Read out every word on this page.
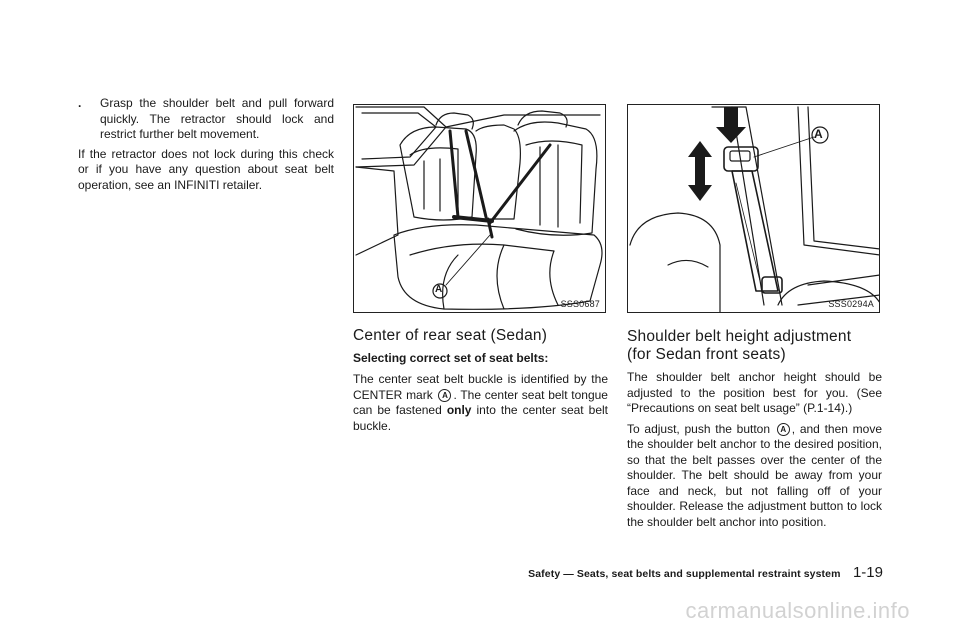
. Grasp the shoulder belt and pull forward quickly. The retractor should lock and restrict further belt movement.

If the retractor does not lock during this check or if you have any question about seat belt operation, see an INFINITI retailer.

A
SSS0687
Center of rear seat (Sedan)
Selecting correct set of seat belts:

The center seat belt buckle is identified by the CENTER mark A . The center seat belt tongue can be fastened only into the center seat belt buckle.

A
SSS0294A
Shoulder belt height adjustment
(for Sedan front seats)

The shoulder belt anchor height should be adjusted to the position best for you. (See “Precautions on seat belt usage” (P.1-14).)

To adjust, push the button A , and then move the shoulder belt anchor to the desired position, so that the belt passes over the center of the shoulder. The belt should be away from your face and neck, but not falling off of your shoulder. Release the adjustment button to lock the shoulder belt anchor into position.

Safety — Seats, seat belts and supplemental restraint system 1-19
carmanualsonline.info
